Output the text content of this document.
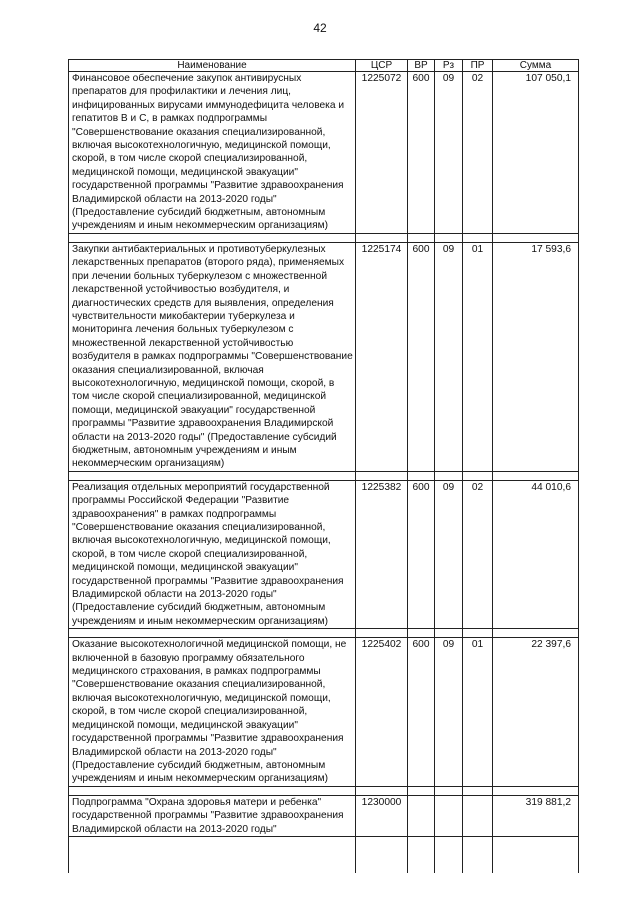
42
Наименование	ЦСР	ВР	Рз	ПР	Сумма
Финансовое обеспечение закупок антивирусных препаратов для профилактики и лечения лиц, инфицированных вирусами иммунодефицита человека и гепатитов В и С, в рамках подпрограммы "Совершенствование оказания специализированной, включая высокотехнологичную, медицинской помощи, скорой, в том числе скорой специализированной, медицинской помощи, медицинской эвакуации" государственной программы "Развитие здравоохранения Владимирской области на 2013-2020 годы" (Предоставление субсидий бюджетным, автономным учреждениям и иным некоммерческим организациям)	1225072	600	09	02	107 050,1

Закупки антибактериальных и противотуберкулезных лекарственных препаратов (второго ряда), применяемых при лечении больных туберкулезом с множественной лекарственной устойчивостью возбудителя, и диагностических средств для выявления, определения чувствительности микобактерии туберкулеза и мониторинга лечения больных туберкулезом с множественной лекарственной устойчивостью возбудителя в рамках подпрограммы "Совершенствование оказания специализированной, включая высокотехнологичную, медицинской помощи, скорой, в том числе скорой специализированной, медицинской помощи, медицинской эвакуации" государственной программы "Развитие здравоохранения Владимирской области на 2013-2020 годы" (Предоставление субсидий бюджетным, автономным учреждениям и иным некоммерческим организациям)	1225174	600	09	01	17 593,6

Реализация отдельных мероприятий государственной программы Российской Федерации "Развитие здравоохранения" в рамках подпрограммы "Совершенствование оказания специализированной, включая высокотехнологичную, медицинской помощи, скорой, в том числе скорой специализированной, медицинской помощи, медицинской эвакуации" государственной программы "Развитие здравоохранения Владимирской области на 2013-2020 годы" (Предоставление субсидий бюджетным, автономным учреждениям и иным некоммерческим организациям)	1225382	600	09	02	44 010,6

Оказание высокотехнологичной медицинской помощи, не включенной в базовую программу обязательного медицинского страхования, в рамках подпрограммы "Совершенствование оказания специализированной, включая высокотехнологичную, медицинской помощи, скорой, в том числе скорой специализированной, медицинской помощи, медицинской эвакуации" государственной программы "Развитие здравоохранения Владимирской области на 2013-2020 годы" (Предоставление субсидий бюджетным, автономным учреждениям и иным некоммерческим организациям)	1225402	600	09	01	22 397,6

Подпрограмма "Охрана здоровья матери и ребенка" государственной программы "Развитие здравоохранения Владимирской области на 2013-2020 годы"	1230000				319 881,2
